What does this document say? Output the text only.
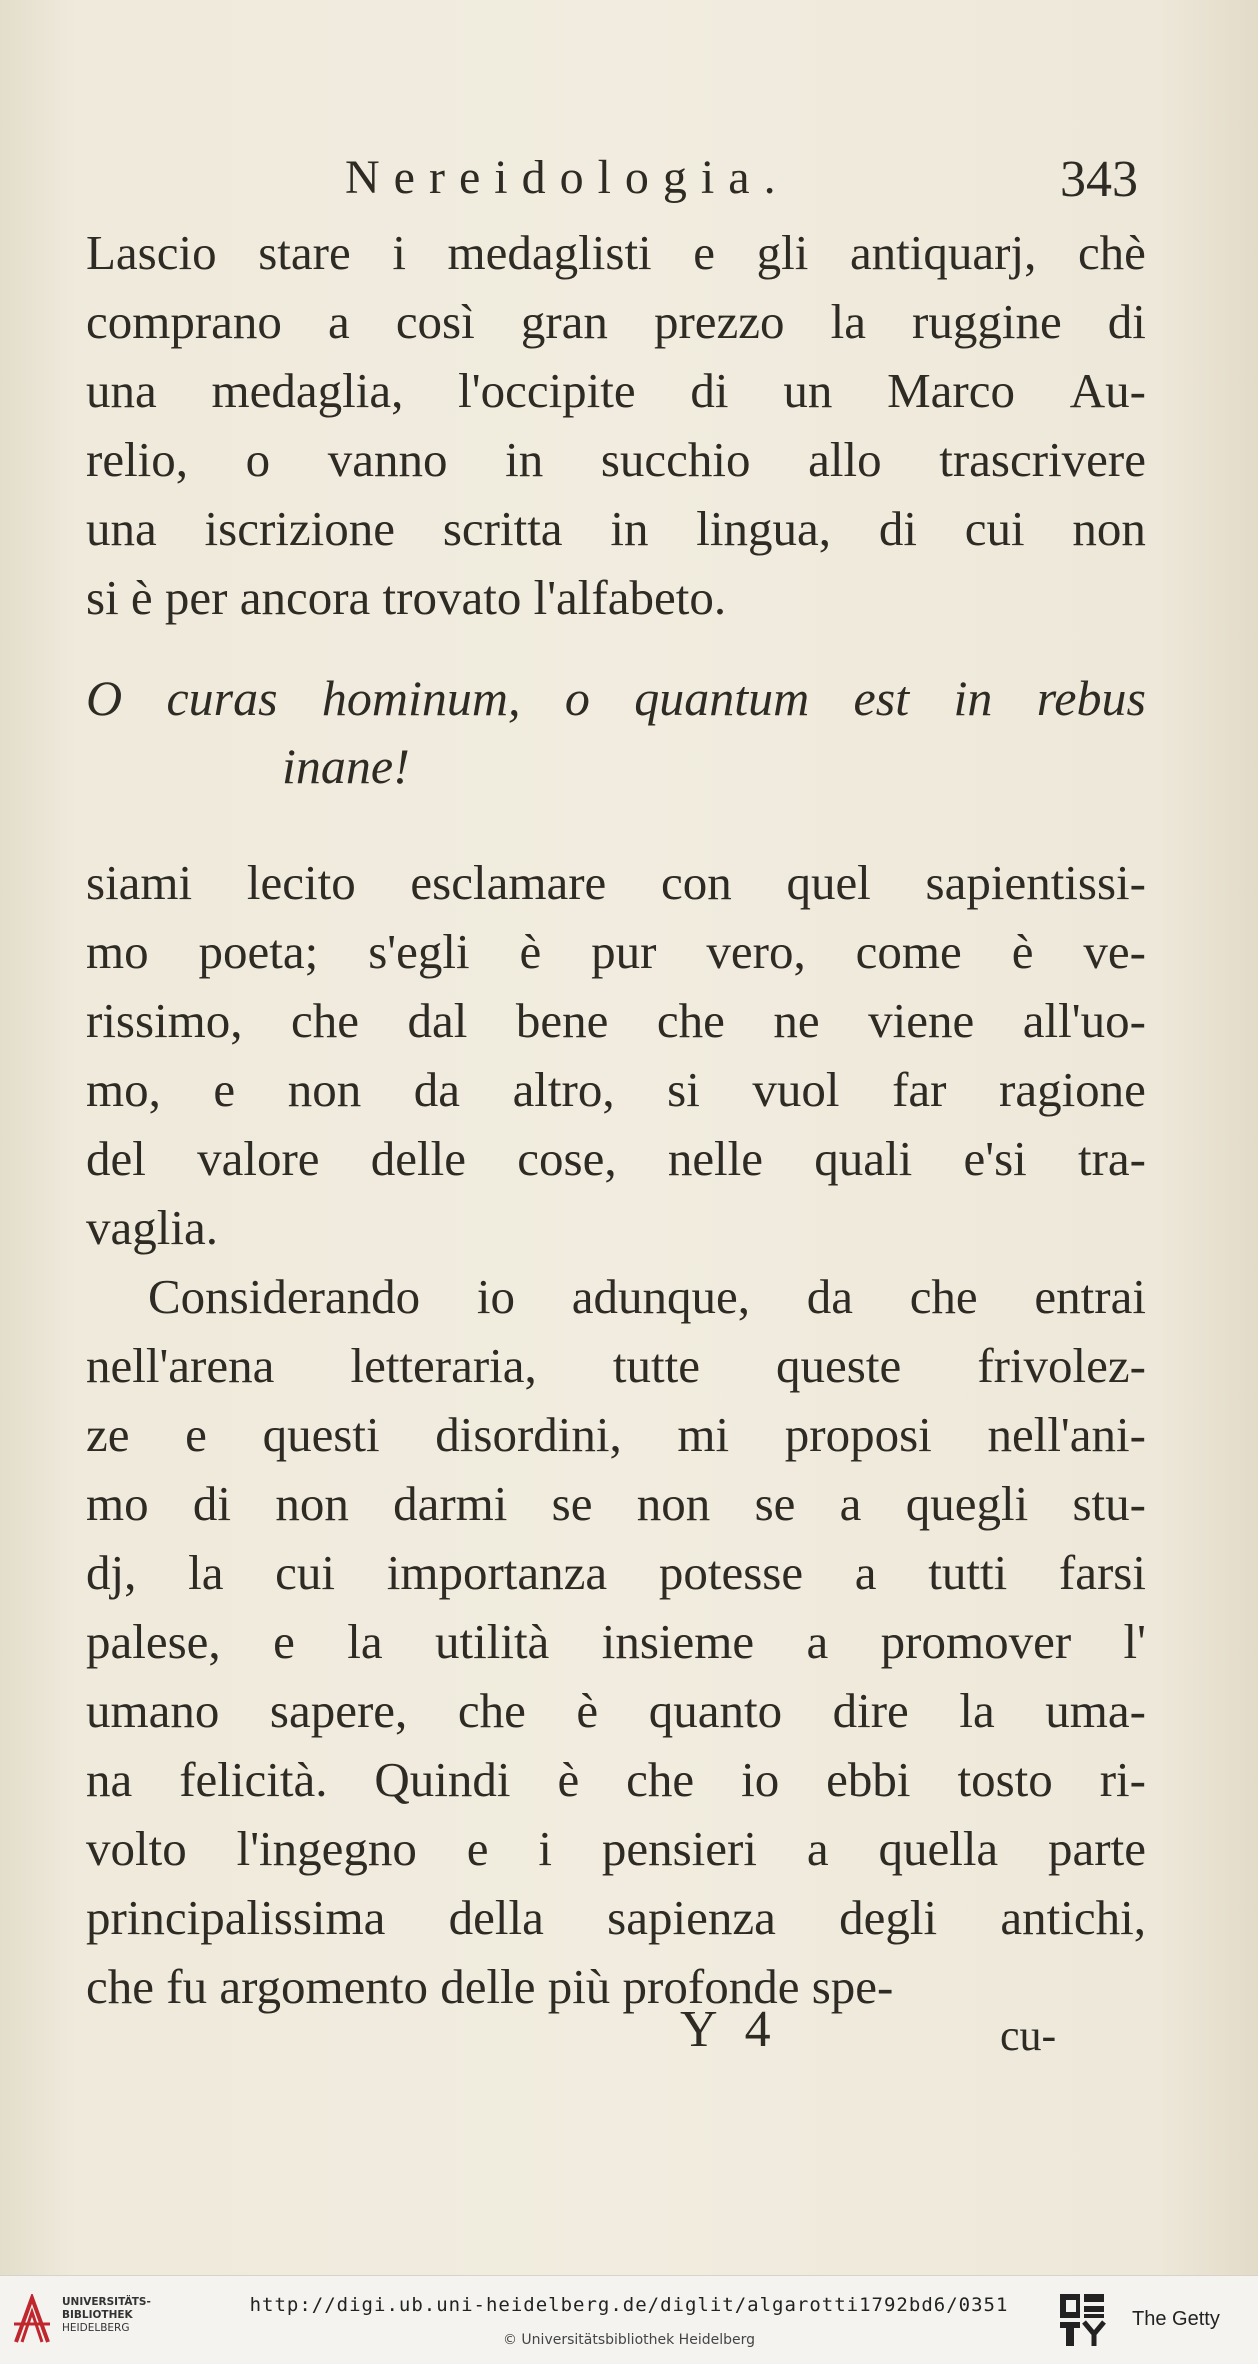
Nereidologia.	343
Lascio stare i medaglisti e gli antiquarj, chè
comprano a così gran prezzo la ruggine di
una medaglia, l'occipite di un Marco Au-
relio, o vanno in succhio allo trascrivere
una iscrizione scritta in lingua, di cui non
si è per ancora trovato l'alfabeto.
O curas hominum, o quantum est in rebus
inane!
siami lecito esclamare con quel sapientissi-
mo poeta; s'egli è pur vero, come è ve-
rissimo, che dal bene che ne viene all'uo-
mo, e non da altro, si vuol far ragione
del valore delle cose, nelle quali e'si tra-
vaglia.
Considerando io adunque, da che entrai
nell'arena letteraria, tutte queste frivolez-
ze e questi disordini, mi proposi nell'ani-
mo di non darmi se non se a quegli stu-
dj, la cui importanza potesse a tutti farsi
palese, e la utilità insieme a promover l'
umano sapere, che è quanto dire la uma-
na felicità. Quindi è che io ebbi tosto ri-
volto l'ingegno e i pensieri a quella parte
principalissima della sapienza degli antichi,
che fu argomento delle più profonde spe-
Y 4	cu-
UNIVERSITÄTS-
BIBLIOTHEK
HEIDELBERG
http://digi.ub.uni-heidelberg.de/diglit/algarotti1792bd6/0351
© Universitätsbibliothek Heidelberg
The Getty
